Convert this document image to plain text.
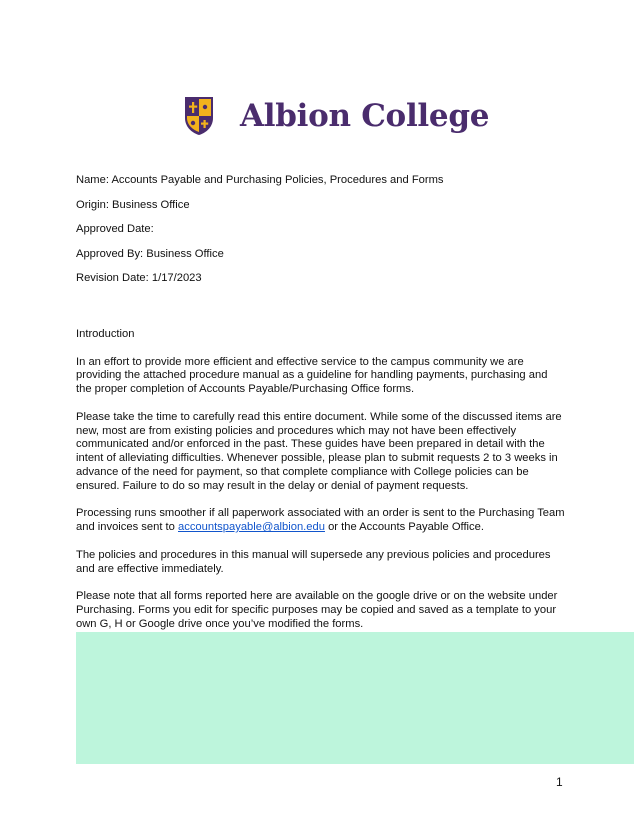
Albion College

Name: Accounts Payable and Purchasing Policies, Procedures and Forms

Origin: Business Office

Approved Date:

Approved By: Business Office

Revision Date: 1/17/2023

Introduction

In an effort to provide more efficient and effective service to the campus community we are providing the attached procedure manual as a guideline for handling payments, purchasing and the proper completion of Accounts Payable/Purchasing Office forms.

Please take the time to carefully read this entire document. While some of the discussed items are new, most are from existing policies and procedures which may not have been effectively communicated and/or enforced in the past. These guides have been prepared in detail with the intent of alleviating difficulties. Whenever possible, please plan to submit requests 2 to 3 weeks in advance of the need for payment, so that complete compliance with College policies can be ensured. Failure to do so may result in the delay or denial of payment requests.

Processing runs smoother if all paperwork associated with an order is sent to the Purchasing Team and invoices sent to accountspayable@albion.edu or the Accounts Payable Office.

The policies and procedures in this manual will supersede any previous policies and procedures and are effective immediately.

Please note that all forms reported here are available on the google drive or on the website under Purchasing. Forms you edit for specific purposes may be copied and saved as a template to your own G, H or Google drive once you’ve modified the forms.

1
